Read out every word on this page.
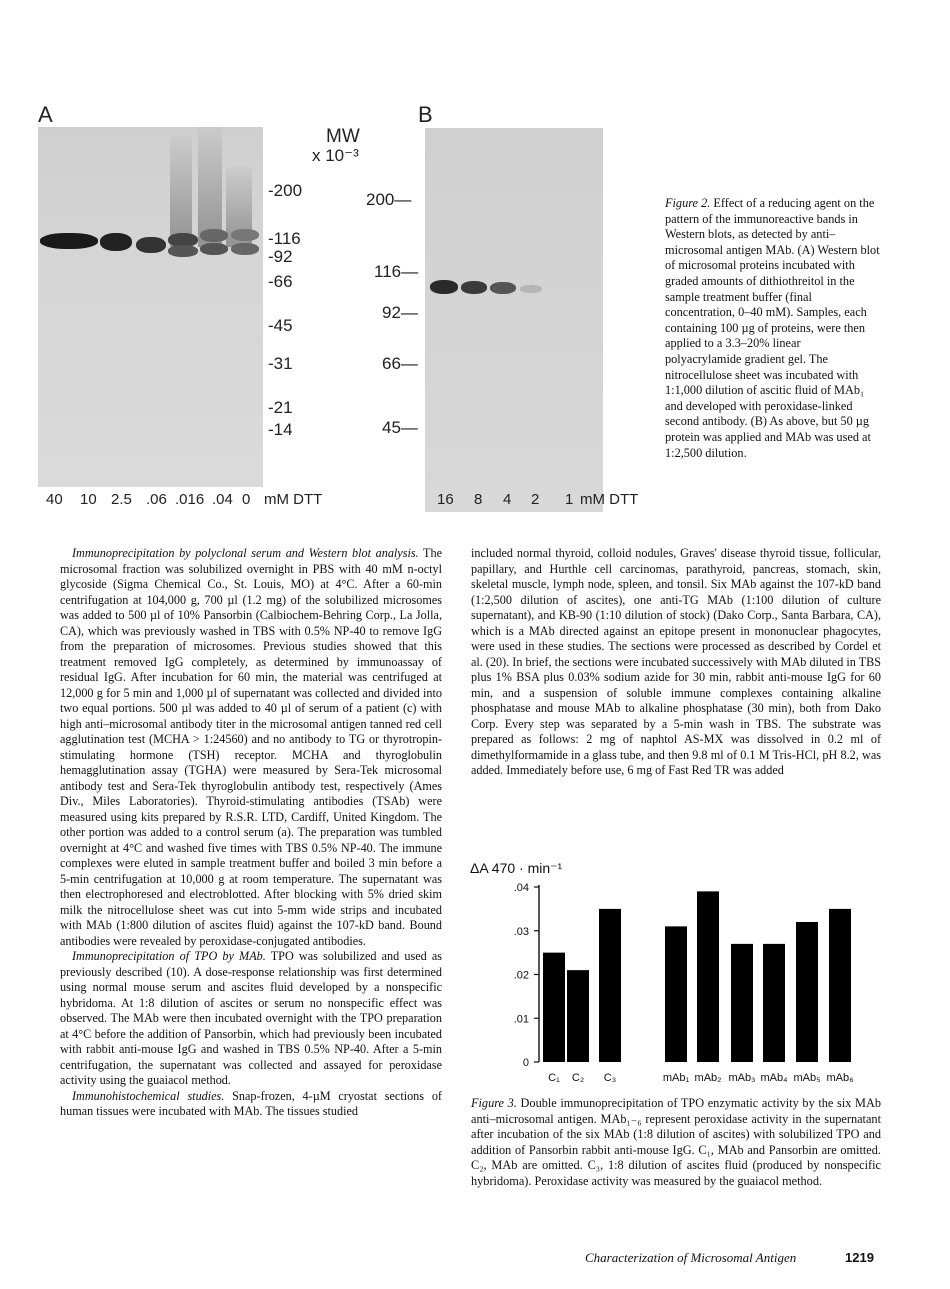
A	B
MW
x 10⁻³
-200
-116
-92
-66
-45
-31
-21
-14
40 10 2.5 .06 .016 .04 0 mM DTT
200—
116—
92—
66—
45—
16 8 4 2 1 mM DTT
Figure 2. Effect of a reducing agent on the pattern of the immunoreactive bands in Western blots, as detected by anti–microsomal antigen MAb. (A) Western blot of microsomal proteins incubated with graded amounts of dithiothreitol in the sample treatment buffer (final concentration, 0–40 mM). Samples, each containing 100 µg of proteins, were then applied to a 3.3–20% linear polyacrylamide gradient gel. The nitrocellulose sheet was incubated with 1:1,000 dilution of ascitic fluid of MAb₁ and developed with peroxidase-linked second antibody. (B) As above, but 50 µg protein was applied and MAb was used at 1:2,500 dilution.

Immunoprecipitation by polyclonal serum and Western blot analysis. The microsomal fraction was solubilized overnight in PBS with 40 mM n-octyl glycoside (Sigma Chemical Co., St. Louis, MO) at 4°C. After a 60-min centrifugation at 104,000 g, 700 µl (1.2 mg) of the solubilized microsomes was added to 500 µl of 10% Pansorbin (Calbiochem-Behring Corp., La Jolla, CA), which was previously washed in TBS with 0.5% NP-40 to remove IgG from the preparation of microsomes. Previous studies showed that this treatment removed IgG completely, as determined by immunoassay of residual IgG. After incubation for 60 min, the material was centrifuged at 12,000 g for 5 min and 1,000 µl of supernatant was collected and divided into two equal portions. 500 µl was added to 40 µl of serum of a patient (c) with high anti–microsomal antibody titer in the microsomal antigen tanned red cell agglutination test (MCHA > 1:24560) and no antibody to TG or thyrotropin-stimulating hormone (TSH) receptor. MCHA and thyroglobulin hemagglutination assay (TGHA) were measured by Sera-Tek microsomal antibody test and Sera-Tek thyroglobulin antibody test, respectively (Ames Div., Miles Laboratories). Thyroid-stimulating antibodies (TSAb) were measured using kits prepared by R.S.R. LTD, Cardiff, United Kingdom. The other portion was added to a control serum (a). The preparation was tumbled overnight at 4°C and washed five times with TBS 0.5% NP-40. The immune complexes were eluted in sample treatment buffer and boiled 3 min before a 5-min centrifugation at 10,000 g at room temperature. The supernatant was then electrophoresed and electroblotted. After blocking with 5% dried skim milk the nitrocellulose sheet was cut into 5-mm wide strips and incubated with MAb (1:800 dilution of ascites fluid) against the 107-kD band. Bound antibodies were revealed by peroxidase-conjugated antibodies.

Immunoprecipitation of TPO by MAb. TPO was solubilized and used as previously described (10). A dose-response relationship was first determined using normal mouse serum and ascites fluid developed by a nonspecific hybridoma. At 1:8 dilution of ascites or serum no nonspecific effect was observed. The MAb were then incubated overnight with the TPO preparation at 4°C before the addition of Pansorbin, which had previously been incubated with rabbit anti-mouse IgG and washed in TBS 0.5% NP-40. After a 5-min centrifugation, the supernatant was collected and assayed for peroxidase activity using the guaiacol method.

Immunohistochemical studies. Snap-frozen, 4-µM cryostat sections of human tissues were incubated with MAb. The tissues studied

included normal thyroid, colloid nodules, Graves' disease thyroid tissue, follicular, papillary, and Hurthle cell carcinomas, parathyroid, pancreas, stomach, skin, skeletal muscle, lymph node, spleen, and tonsil. Six MAb against the 107-kD band (1:2,500 dilution of ascites), one anti-TG MAb (1:100 dilution of culture supernatant), and KB-90 (1:10 dilution of stock) (Dako Corp., Santa Barbara, CA), which is a MAb directed against an epitope present in mononuclear phagocytes, were used in these studies. The sections were processed as described by Cordel et al. (20). In brief, the sections were incubated successively with MAb diluted in TBS plus 1% BSA plus 0.03% sodium azide for 30 min, rabbit anti-mouse IgG for 60 min, and a suspension of soluble immune complexes containing alkaline phosphatase and mouse MAb to alkaline phosphatase (30 min), both from Dako Corp. Every step was separated by a 5-min wash in TBS. The substrate was prepared as follows: 2 mg of naphtol AS-MX was dissolved in 0.2 ml of dimethylformamide in a glass tube, and then 9.8 ml of 0.1 M Tris-HCl, pH 8.2, was added. Immediately before use, 6 mg of Fast Red TR was added

ΔA 470 · min⁻¹
0
.01
.02
.03
.04
C₁ C₂ C₃	mAb₁ mAb₂ mAb₃ mAb₄ mAb₅ mAb₆
Figure 3. Double immunoprecipitation of TPO enzymatic activity by the six MAb anti–microsomal antigen. MAb₁₋₆ represent peroxidase activity in the supernatant after incubation of the six MAb (1:8 dilution of ascites) with solubilized TPO and addition of Pansorbin rabbit anti-mouse IgG. C₁, MAb and Pansorbin are omitted. C₂, MAb are omitted. C₃, 1:8 dilution of ascites fluid (produced by nonspecific hybridoma). Peroxidase activity was measured by the guaiacol method.
Characterization of Microsomal Antigen	1219
